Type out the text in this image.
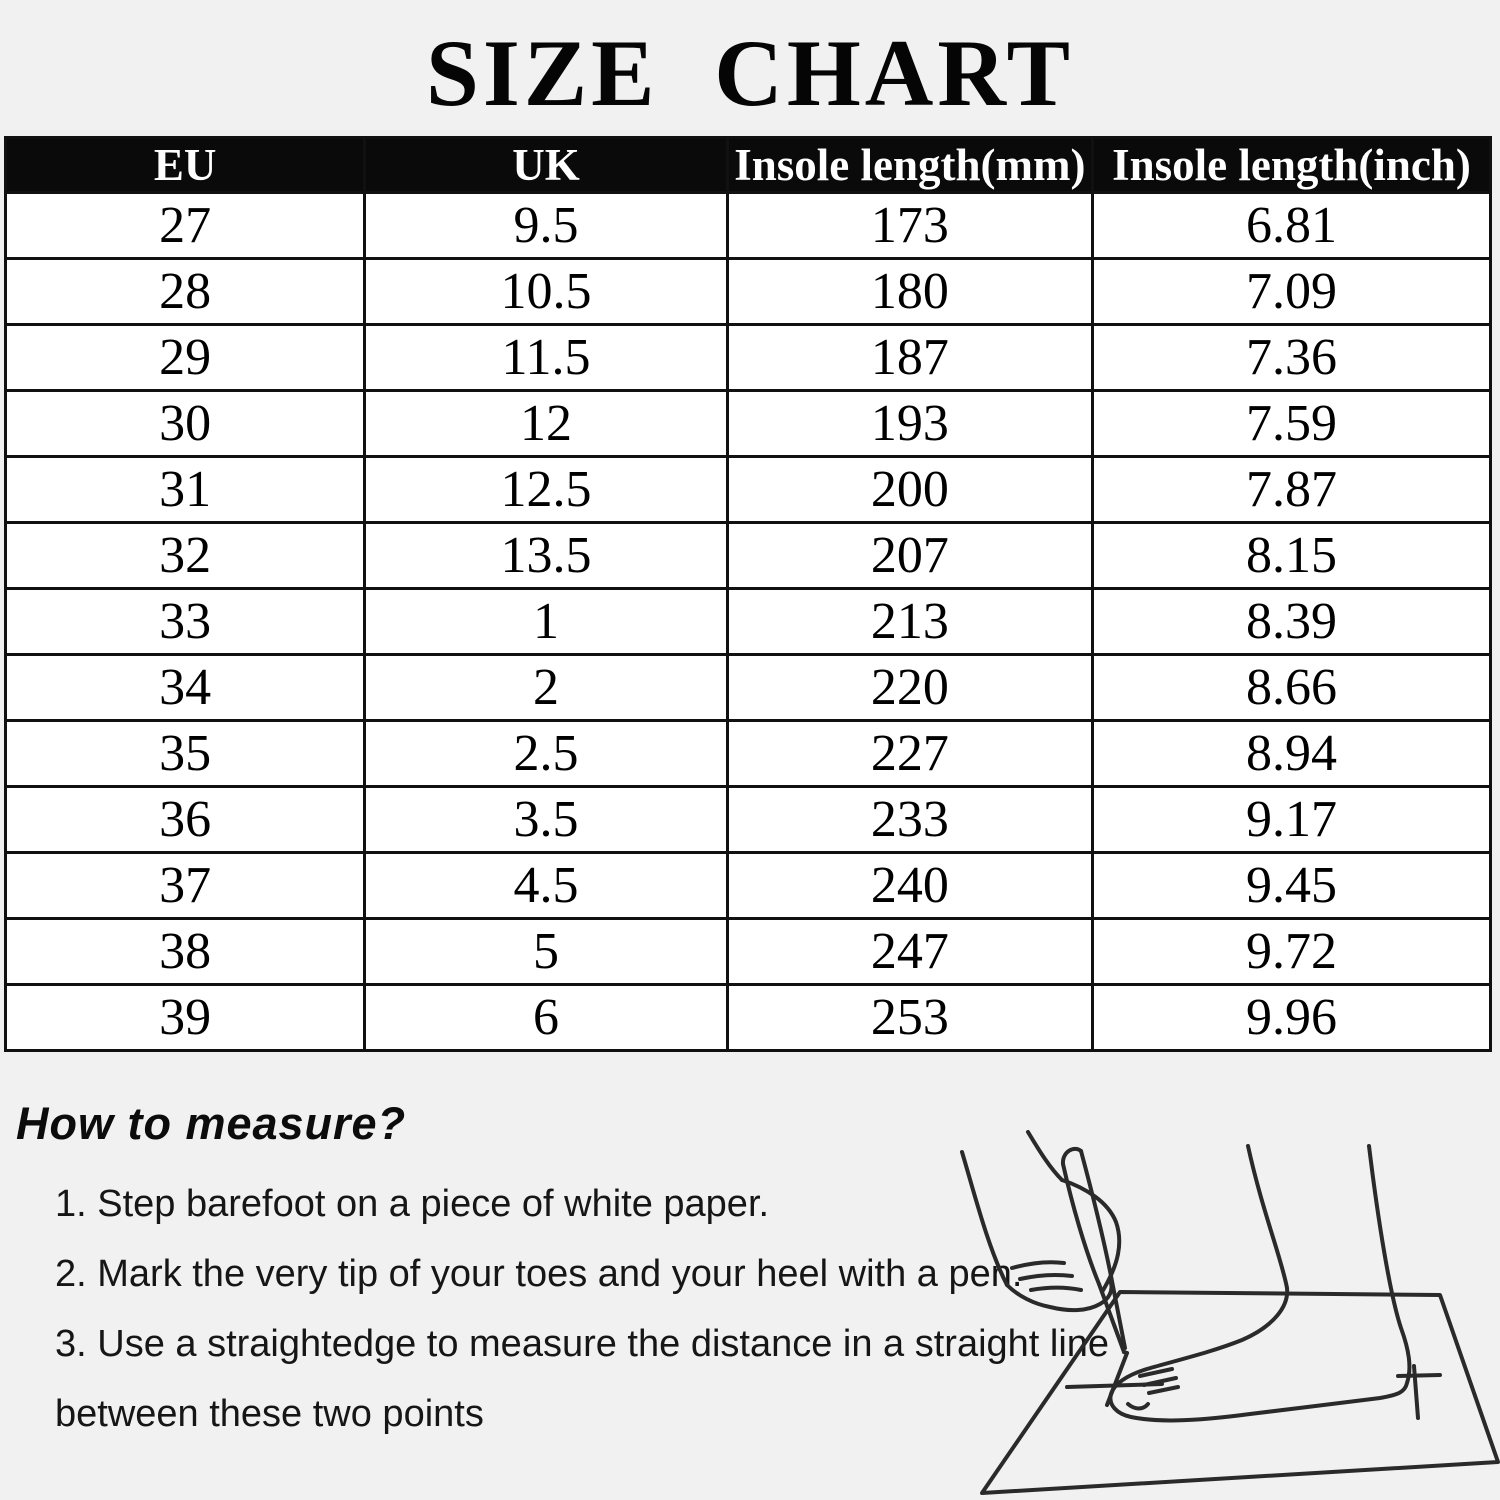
SIZE CHART
EU	UK	Insole length(mm)	Insole length(inch)
27	9.5	173	6.81
28	10.5	180	7.09
29	11.5	187	7.36
30	12	193	7.59
31	12.5	200	7.87
32	13.5	207	8.15
33	1	213	8.39
34	2	220	8.66
35	2.5	227	8.94
36	3.5	233	9.17
37	4.5	240	9.45
38	5	247	9.72
39	6	253	9.96
How to measure?

1. Step barefoot on a piece of white paper.

2. Mark the very tip of your toes and your heel with a pen.

3. Use a straightedge to measure the distance in a straight line

between these two points
